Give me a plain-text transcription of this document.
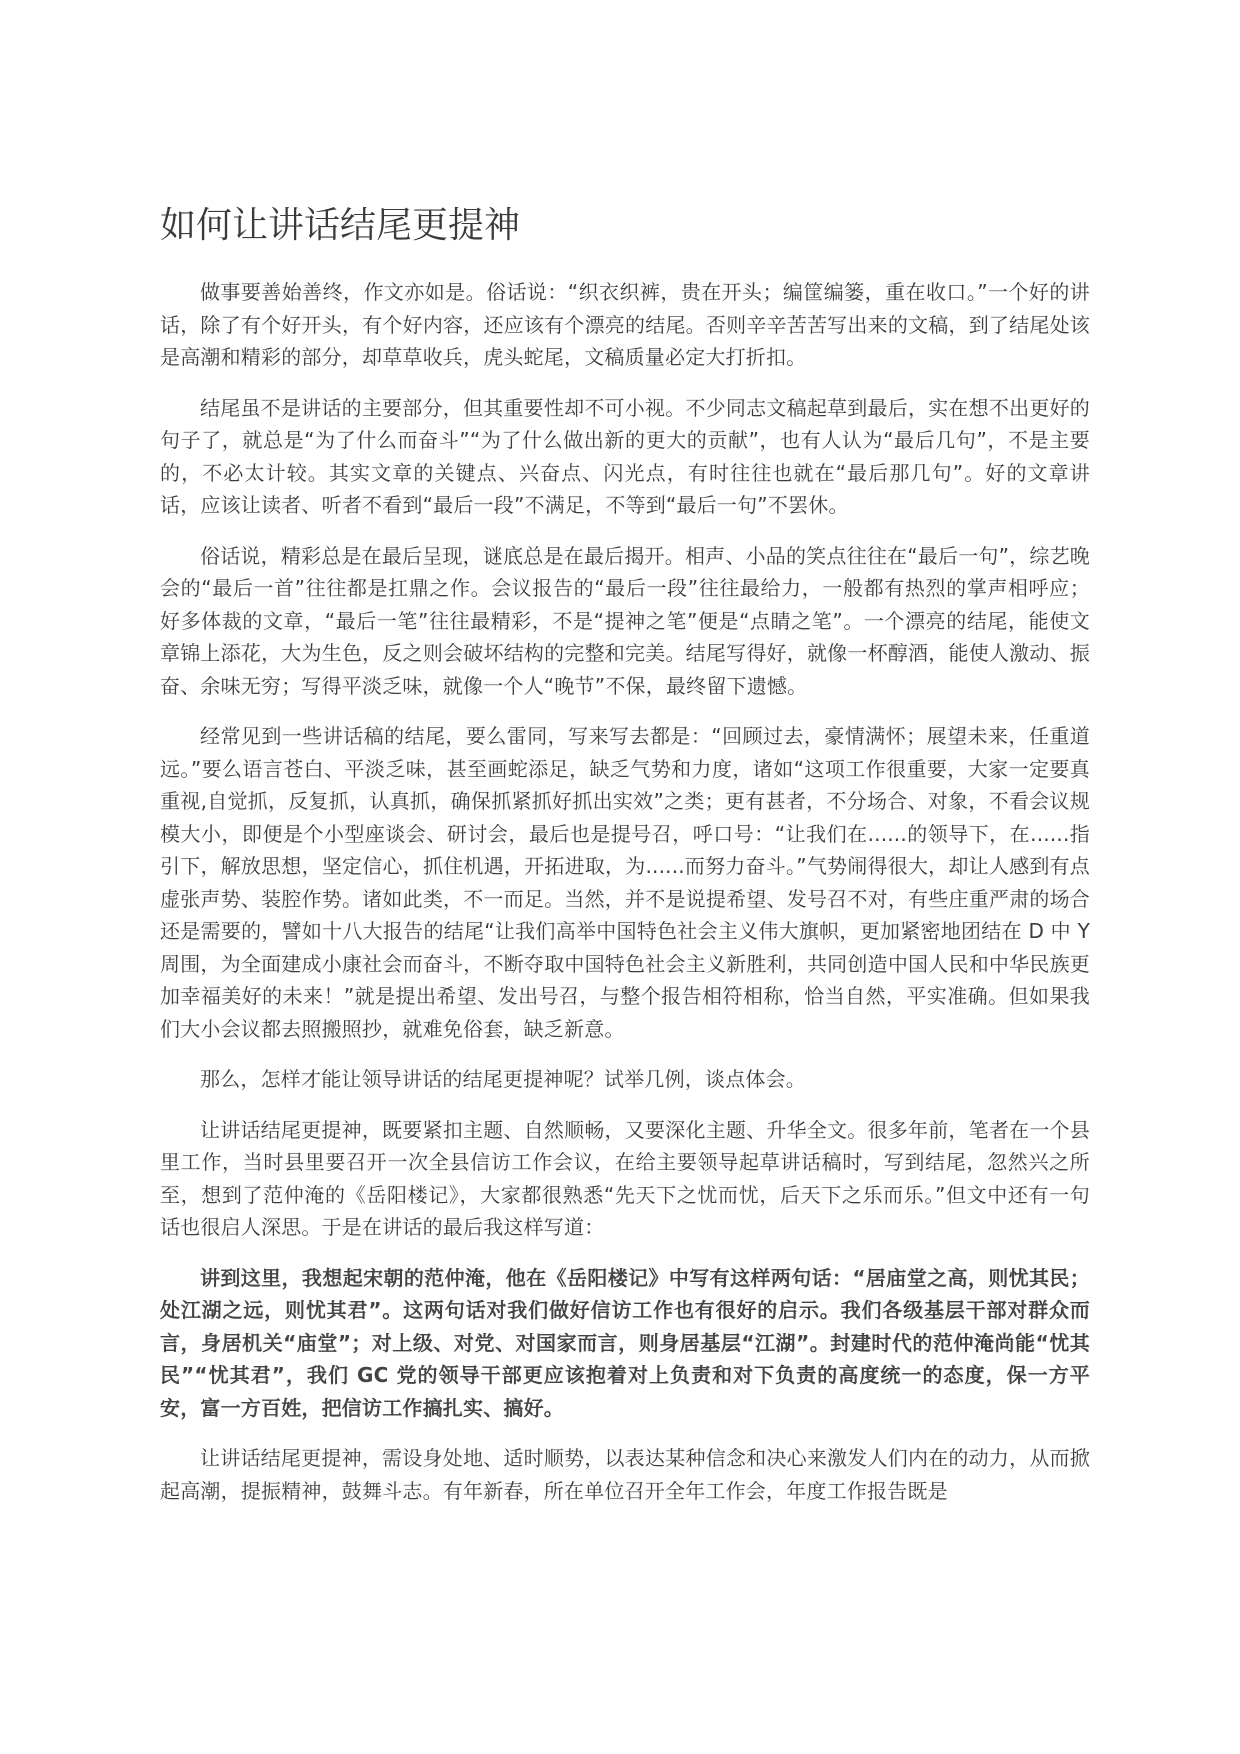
如何让讲话结尾更提神

做事要善始善终，作文亦如是。俗话说：“织衣织裤，贵在开头；编筐编篓，重在收口。”一个好的讲话，除了有个好开头，有个好内容，还应该有个漂亮的结尾。否则辛辛苦苦写出来的文稿，到了结尾处该是高潮和精彩的部分，却草草收兵，虎头蛇尾，文稿质量必定大打折扣。

结尾虽不是讲话的主要部分，但其重要性却不可小视。不少同志文稿起草到最后，实在想不出更好的句子了，就总是“为了什么而奋斗”“为了什么做出新的更大的贡献”，也有人认为“最后几句”，不是主要的，不必太计较。其实文章的关键点、兴奋点、闪光点，有时往往也就在“最后那几句”。好的文章讲话，应该让读者、听者不看到“最后一段”不满足，不等到“最后一句”不罢休。

俗话说，精彩总是在最后呈现，谜底总是在最后揭开。相声、小品的笑点往往在“最后一句”，综艺晚会的“最后一首”往往都是扛鼎之作。会议报告的“最后一段”往往最给力，一般都有热烈的掌声相呼应；好多体裁的文章，“最后一笔”往往最精彩，不是“提神之笔”便是“点睛之笔”。一个漂亮的结尾，能使文章锦上添花，大为生色，反之则会破坏结构的完整和完美。结尾写得好，就像一杯醇酒，能使人激动、振奋、余味无穷；写得平淡乏味，就像一个人“晚节”不保，最终留下遗憾。

经常见到一些讲话稿的结尾，要么雷同，写来写去都是：“回顾过去，豪情满怀；展望未来，任重道远。”要么语言苍白、平淡乏味，甚至画蛇添足，缺乏气势和力度，诸如“这项工作很重要，大家一定要真重视,自觉抓，反复抓，认真抓，确保抓紧抓好抓出实效”之类；更有甚者，不分场合、对象，不看会议规模大小，即便是个小型座谈会、研讨会，最后也是提号召，呼口号：“让我们在......的领导下，在......指引下，解放思想，坚定信心，抓住机遇，开拓进取，为......而努力奋斗。”气势闹得很大，却让人感到有点虚张声势、装腔作势。诸如此类，不一而足。当然，并不是说提希望、发号召不对，有些庄重严肃的场合还是需要的，譬如十八大报告的结尾“让我们高举中国特色社会主义伟大旗帜，更加紧密地团结在 D 中 Y 周围，为全面建成小康社会而奋斗，不断夺取中国特色社会主义新胜利，共同创造中国人民和中华民族更加幸福美好的未来！”就是提出希望、发出号召，与整个报告相符相称，恰当自然，平实准确。但如果我们大小会议都去照搬照抄，就难免俗套，缺乏新意。

那么，怎样才能让领导讲话的结尾更提神呢？试举几例，谈点体会。

让讲话结尾更提神，既要紧扣主题、自然顺畅，又要深化主题、升华全文。很多年前，笔者在一个县里工作，当时县里要召开一次全县信访工作会议，在给主要领导起草讲话稿时，写到结尾，忽然兴之所至，想到了范仲淹的《岳阳楼记》，大家都很熟悉“先天下之忧而忧，后天下之乐而乐。”但文中还有一句话也很启人深思。于是在讲话的最后我这样写道：

讲到这里，我想起宋朝的范仲淹，他在《岳阳楼记》中写有这样两句话：“居庙堂之高，则忧其民；处江湖之远，则忧其君”。这两句话对我们做好信访工作也有很好的启示。我们各级基层干部对群众而言，身居机关“庙堂”；对上级、对党、对国家而言，则身居基层“江湖”。封建时代的范仲淹尚能“忧其民”“忧其君”，我们 GC 党的领导干部更应该抱着对上负责和对下负责的高度统一的态度，保一方平安，富一方百姓，把信访工作搞扎实、搞好。

让讲话结尾更提神，需设身处地、适时顺势，以表达某种信念和决心来激发人们内在的动力，从而掀起高潮，提振精神，鼓舞斗志。有年新春，所在单位召开全年工作会，年度工作报告既是
